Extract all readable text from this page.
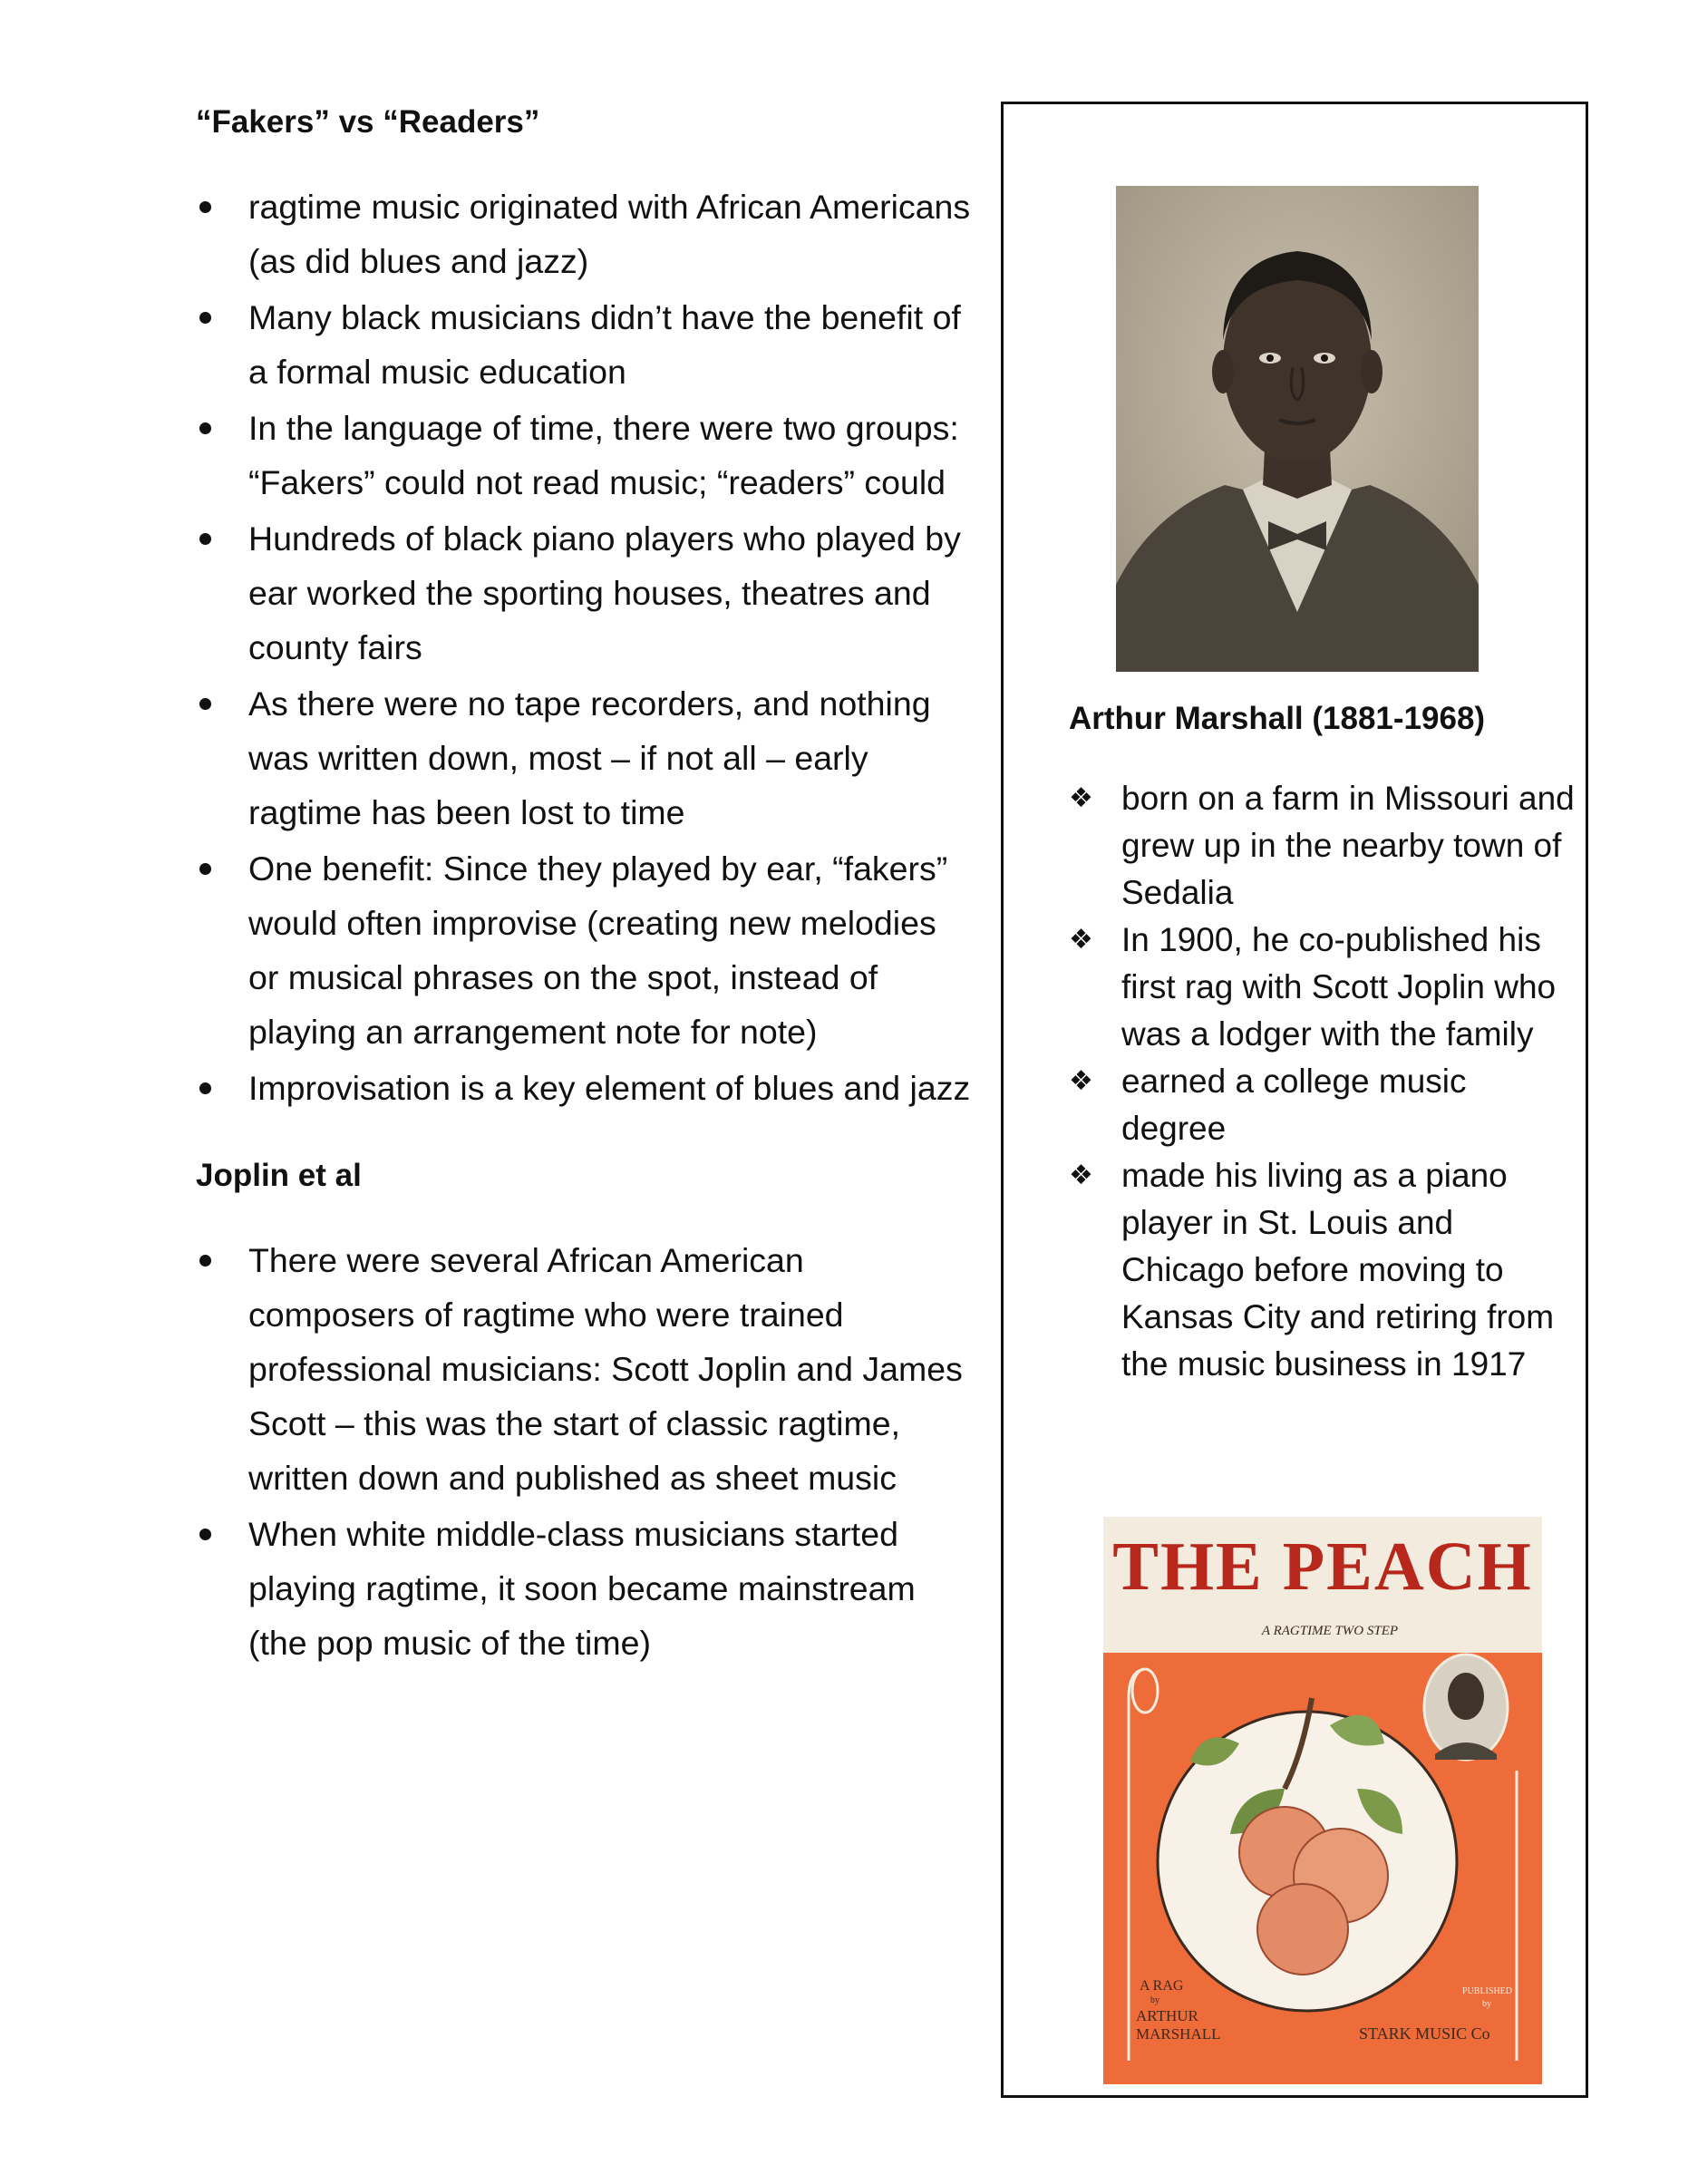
“Fakers” vs “Readers”

ragtime music originated with African Americans (as did blues and jazz)
Many black musicians didn’t have the benefit of a formal music education
In the language of time, there were two groups: “Fakers” could not read music; “readers” could
Hundreds of black piano players who played by ear worked the sporting houses, theatres and county fairs
As there were no tape recorders, and nothing was written down, most – if not all – early ragtime has been lost to time
One benefit: Since they played by ear, “fakers” would often improvise (creating new melodies or musical phrases on the spot, instead of playing an arrangement note for note)
Improvisation is a key element of blues and jazz

Joplin et al

There were several African American composers of ragtime who were trained professional musicians: Scott Joplin and James Scott – this was the start of classic ragtime, written down and published as sheet music
When white middle-class musicians started playing ragtime, it soon became mainstream (the pop music of the time)
Arthur Marshall (1881-1968)
❖ born on a farm in Missouri and grew up in the nearby town of Sedalia
❖ In 1900, he co-published his first rag with Scott Joplin who was a lodger with the family
❖ earned a college music degree
❖ made his living as a piano player in St. Louis and Chicago before moving to Kansas City and retiring from the music business in 1917
THE PEACH
A RAGTIME TWO STEP
A RAG
by
ARTHUR
MARSHALL
PUBLISHED
by
STARK MUSIC Co
